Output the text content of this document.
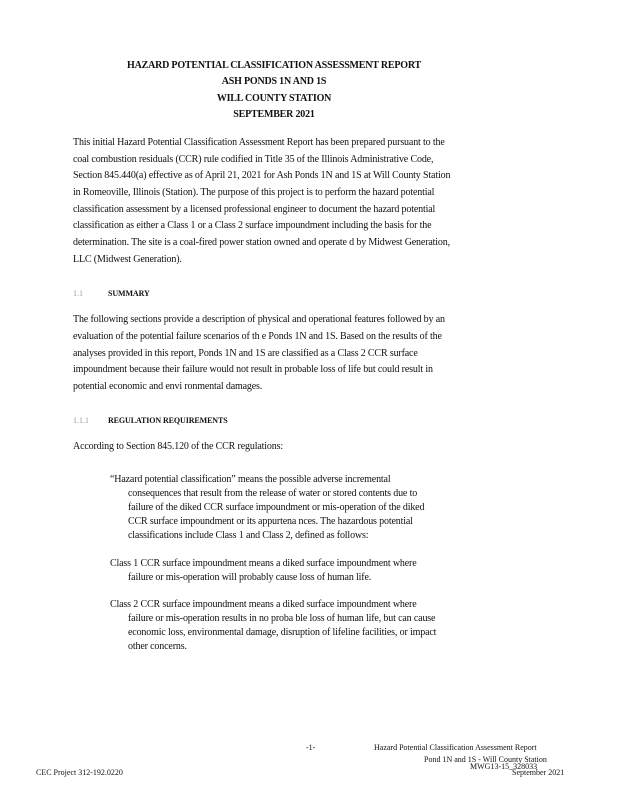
HAZARD POTENTIAL CLASSIFICATION ASSESSMENT REPORT
ASH PONDS 1N AND 1S
WILL COUNTY STATION
SEPTEMBER 2021
This initial Hazard Potential Classification Assessment Report has been prepared pursuant to the
coal combustion residuals (CCR) rule codified in Title 35 of the Illinois Administrative Code,
Section 845.440(a) effective as of April 21, 2021 for Ash Ponds 1N and 1S at Will County Station
in Romeoville, Illinois (Station). The purpose of this project is to perform the hazard potential
classification assessment by a licensed professional engineer to document the hazard potential
classification as either a Class 1 or a Class 2 surface impoundment including the basis for the
determination. The site is a coal-fired power station owned and operate d by Midwest Generation,
LLC (Midwest Generation).
1.1	SUMMARY
The following sections provide a description of physical and operational features followed by an
evaluation of the potential failure scenarios of th e Ponds 1N and 1S. Based on the results of the
analyses provided in this report, Ponds 1N and 1S are classified as a Class 2 CCR surface
impoundment because their failure would not result in probable loss of life but could result in
potential economic and envi ronmental damages.
1.1.1 REGULATION REQUIREMENTS
According to Section 845.120 of the CCR regulations:
“Hazard potential classification” means the possible adverse incremental
consequences that result from the release of water or stored contents due to
failure of the diked CCR surface impoundment or mis-operation of the diked
CCR surface impoundment or its appurtena nces. The hazardous potential
classifications include Class 1 and Class 2, defined as follows:
Class 1 CCR surface impoundment means a diked surface impoundment where
failure or mis-operation will probably cause loss of human life.
Class 2 CCR surface impoundment means a diked surface impoundment where
failure or mis-operation results in no proba ble loss of human life, but can cause
economic loss, environmental damage, disruption of lifeline facilities, or impact
other concerns.
-1-	Hazard Potential Classification Assessment Report
Pond 1N and 1S - Will County Station
MWG13-15_328033
CEC Project 312-192.0220	September 2021
